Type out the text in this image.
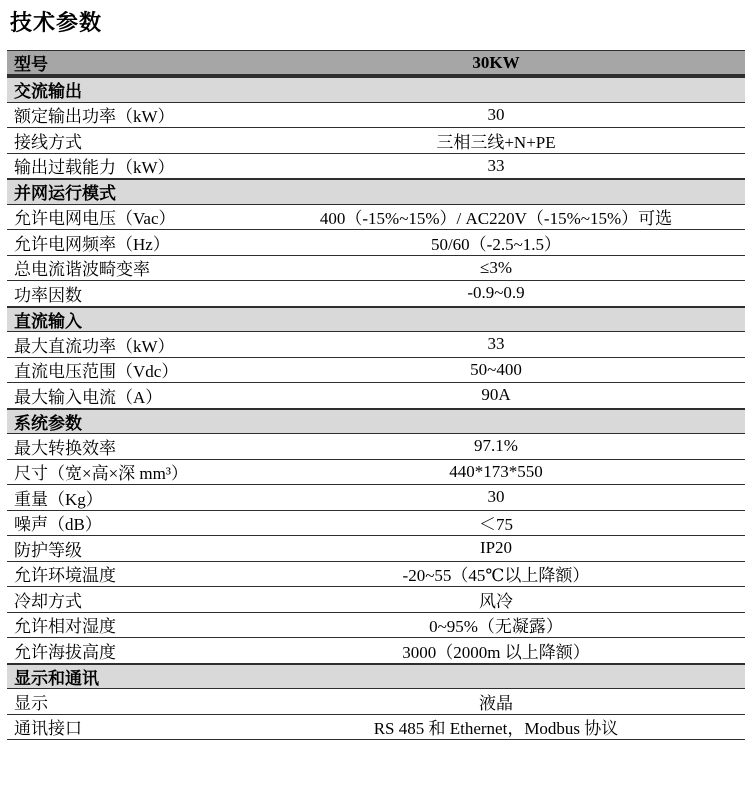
技术参数
型号	30KW
交流输出
额定输出功率（kW）	30
接线方式	三相三线+N+PE
输出过载能力（kW）	33
并网运行模式
允许电网电压（Vac）	400（-15%~15%）/ AC220V（-15%~15%）可选
允许电网频率（Hz）	50/60（-2.5~1.5）
总电流谐波畸变率	≤3%
功率因数	-0.9~0.9
直流输入
最大直流功率（kW）	33
直流电压范围（Vdc）	50~400
最大输入电流（A）	90A
系统参数
最大转换效率	97.1%
尺寸（宽×高×深 mm³）	440*173*550
重量（Kg）	30
噪声（dB）	＜75
防护等级	IP20
允许环境温度	-20~55（45℃以上降额）
冷却方式	风冷
允许相对湿度	0~95%（无凝露）
允许海拔高度	3000（2000m 以上降额）
显示和通讯
显示	液晶
通讯接口	RS 485 和 Ethernet，Modbus 协议
